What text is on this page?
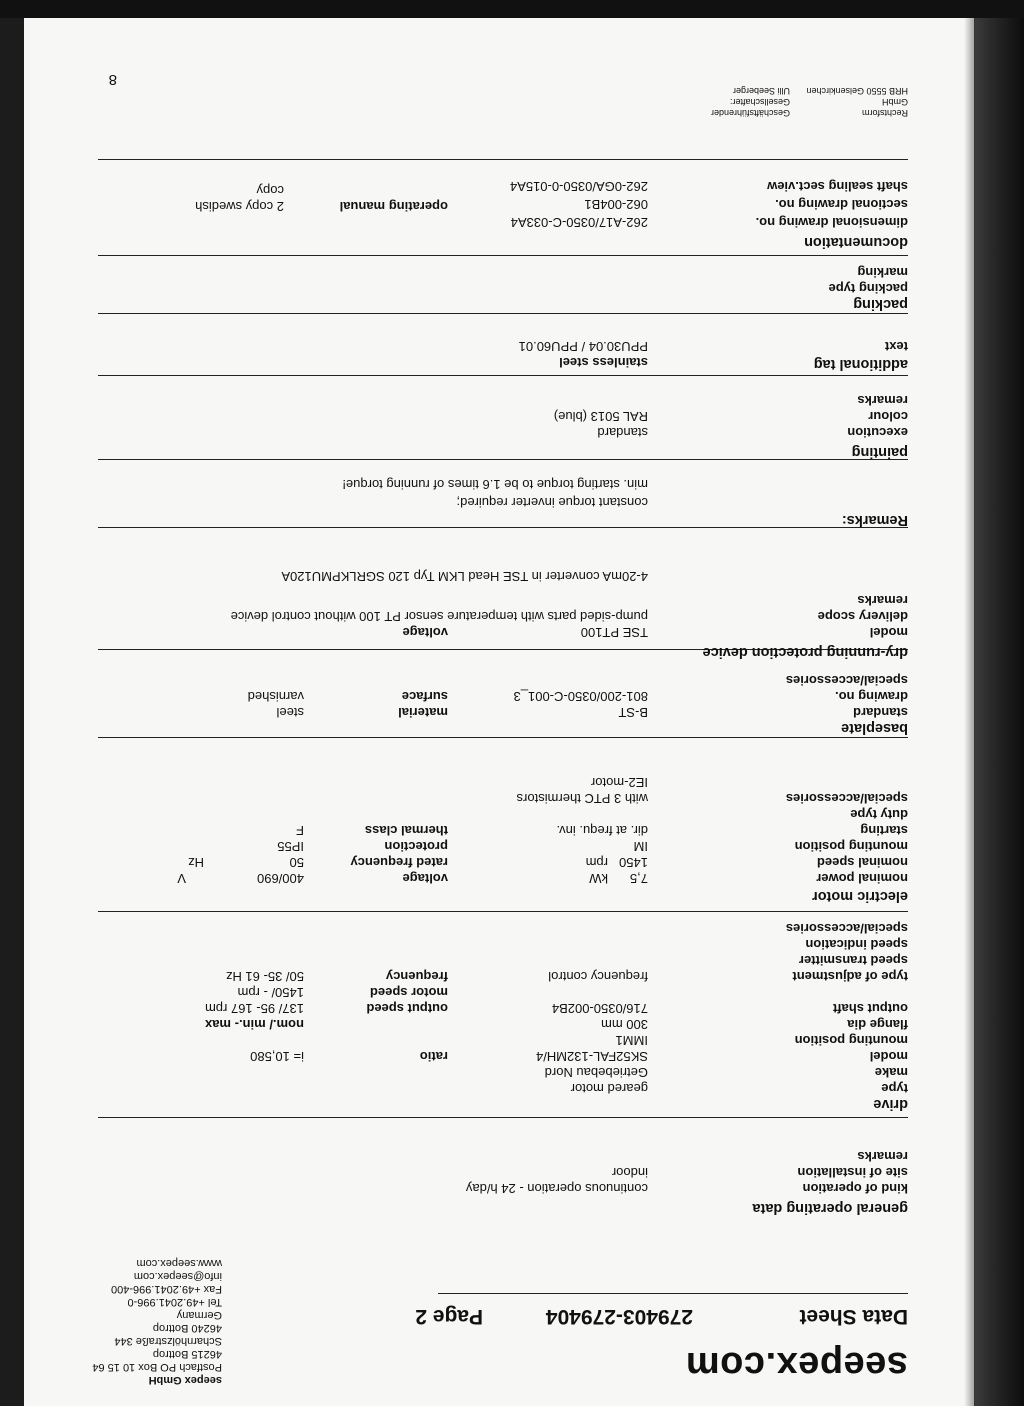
seepex.com
seepex GmbH
Postfach PO Box 10 15 64
46215 Bottrop
Scharnhölzstraße 344
46240 Bottrop
Germany
Tel +49.2041.996-0
Fax +49.2041.996-400
info@seepex.com
www.seepex.com
Data Sheet
279403-279404
Page 2
general operating data
kind of operation
continuous operation - 24 h/day
site of installation
indoor
remarks
drive
type
geared motor
make
Getriebebau Nord
model
SK52FAL-132MH/4
ratio
i= 10,580
mounting position
IMM1
flange dia
300 mm
nom./ min.- max
output shaft
716/0350-002B4
output speed
137/ 95- 167 rpm
motor speed
1450/ - rpm
type of adjustment
frequency control
frequency
50/ 35- 61 Hz
speed transmitter
speed indication
special/accessories
electric motor
nominal power
7,5
kW
voltage
400/690
V
nominal speed
1450
rpm
rated frequency
50
Hz
mounting position
IM
protection
IP55
starting
dir. at frequ. inv.
thermal class
F
duty type
special/accessories
with 3 PTC thermistors
IE2-motor
baseplate
standard
B-ST
material
steel
drawing no.
801-200/0350-C-001_3
surface
varnished
special/accessories
dry-running protection device
model
TSE PT100
voltage
delivery scope
pump-sided parts with temperature sensor PT 100 without control device
remarks
4-20mA converter in TSE Head LKM Typ 120 SGRLKPMU120A
Remarks:
constant torque inverter required;
min. starting torque to be 1.6 times of running torque!
painting
execution
standard
colour
RAL 5013 (blue)
remarks
additional tag
stainless steel
text
PPU30.04 / PPU60.01
packing
packing type
marking
documentation
dimensional drawing no.
262-A17/0350-C-033A4
operating manual
2 copy swedish	sectional drawing no.
062-004B1
copy	shaft sealing sect.view
262-0GA/0350-0-015A4
Rechtsform
GmbH
HRB 5550 Gelsenkirchen
Geschäftsführender
Gesellschafter:
Ulli Seeberger
8
